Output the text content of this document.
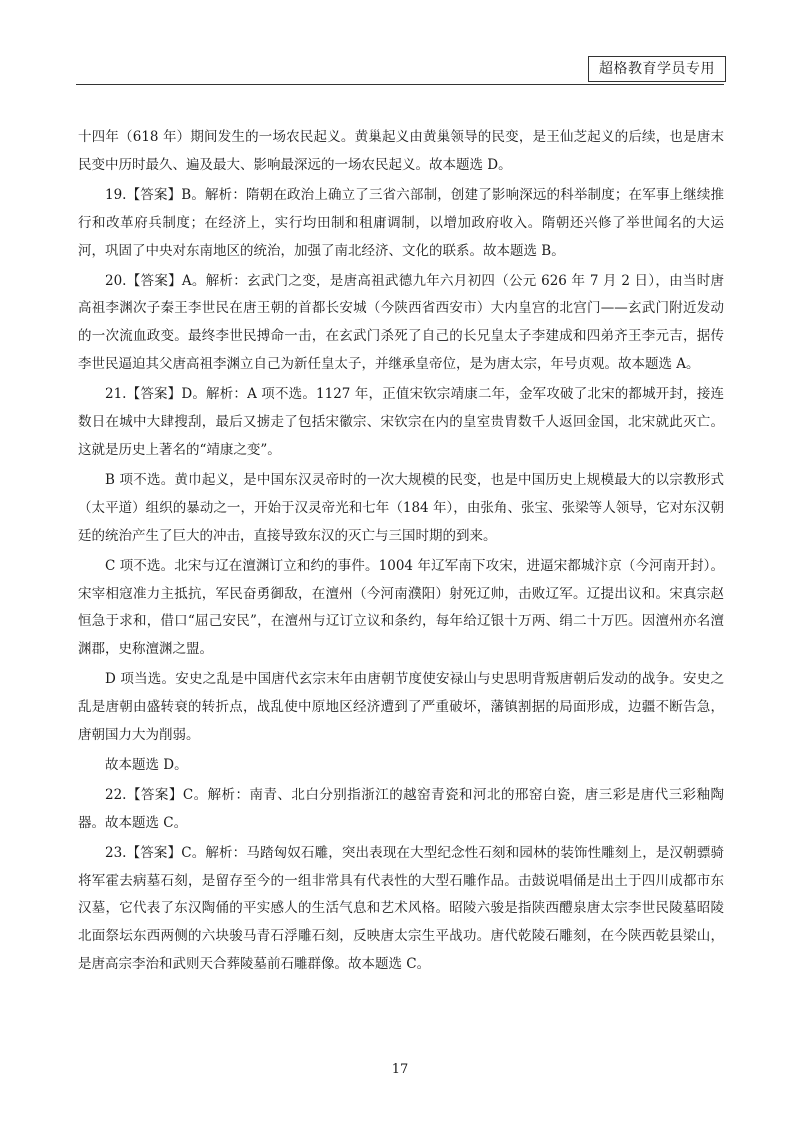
超格教育学员专用

十四年（618 年）期间发生的一场农民起义。黄巢起义由黄巢领导的民变，是王仙芝起义的后续，也是唐末民变中历时最久、遍及最大、影响最深远的一场农民起义。故本题选 D。

19.【答案】B。解析：隋朝在政治上确立了三省六部制，创建了影响深远的科举制度；在军事上继续推行和改革府兵制度；在经济上，实行均田制和租庸调制，以增加政府收入。隋朝还兴修了举世闻名的大运河，巩固了中央对东南地区的统治，加强了南北经济、文化的联系。故本题选 B。

20.【答案】A。解析：玄武门之变，是唐高祖武德九年六月初四（公元 626 年 7 月 2 日），由当时唐高祖李渊次子秦王李世民在唐王朝的首都长安城（今陕西省西安市）大内皇宫的北宫门——玄武门附近发动的一次流血政变。最终李世民搏命一击，在玄武门杀死了自己的长兄皇太子李建成和四弟齐王李元吉，据传李世民逼迫其父唐高祖李渊立自己为新任皇太子，并继承皇帝位，是为唐太宗，年号贞观。故本题选 A。

21.【答案】D。解析：A 项不选。1127 年，正值宋钦宗靖康二年，金军攻破了北宋的都城开封，接连数日在城中大肆搜刮，最后又掳走了包括宋徽宗、宋钦宗在内的皇室贵胄数千人返回金国，北宋就此灭亡。这就是历史上著名的“靖康之变”。

B 项不选。黄巾起义，是中国东汉灵帝时的一次大规模的民变，也是中国历史上规模最大的以宗教形式（太平道）组织的暴动之一，开始于汉灵帝光和七年（184 年），由张角、张宝、张梁等人领导，它对东汉朝廷的统治产生了巨大的冲击，直接导致东汉的灭亡与三国时期的到来。

C 项不选。北宋与辽在澶渊订立和约的事件。1004 年辽军南下攻宋，进逼宋都城汴京（今河南开封）。宋宰相寇准力主抵抗，军民奋勇御敌，在澶州（今河南濮阳）射死辽帅，击败辽军。辽提出议和。宋真宗赵恒急于求和，借口“屈己安民”，在澶州与辽订立议和条约，每年给辽银十万两、绢二十万匹。因澶州亦名澶渊郡，史称澶渊之盟。

D 项当选。安史之乱是中国唐代玄宗末年由唐朝节度使安禄山与史思明背叛唐朝后发动的战争。安史之乱是唐朝由盛转衰的转折点，战乱使中原地区经济遭到了严重破坏，藩镇割据的局面形成，边疆不断告急，唐朝国力大为削弱。

故本题选 D。

22.【答案】C。解析：南青、北白分别指浙江的越窑青瓷和河北的邢窑白瓷，唐三彩是唐代三彩釉陶器。故本题选 C。

23.【答案】C。解析：马踏匈奴石雕，突出表现在大型纪念性石刻和园林的装饰性雕刻上，是汉朝骠骑将军霍去病墓石刻，是留存至今的一组非常具有代表性的大型石雕作品。击鼓说唱俑是出土于四川成都市东汉墓，它代表了东汉陶俑的平实感人的生活气息和艺术风格。昭陵六骏是指陕西醴泉唐太宗李世民陵墓昭陵北面祭坛东西两侧的六块骏马青石浮雕石刻，反映唐太宗生平战功。唐代乾陵石雕刻，在今陕西乾县梁山，是唐高宗李治和武则天合葬陵墓前石雕群像。故本题选 C。

17
